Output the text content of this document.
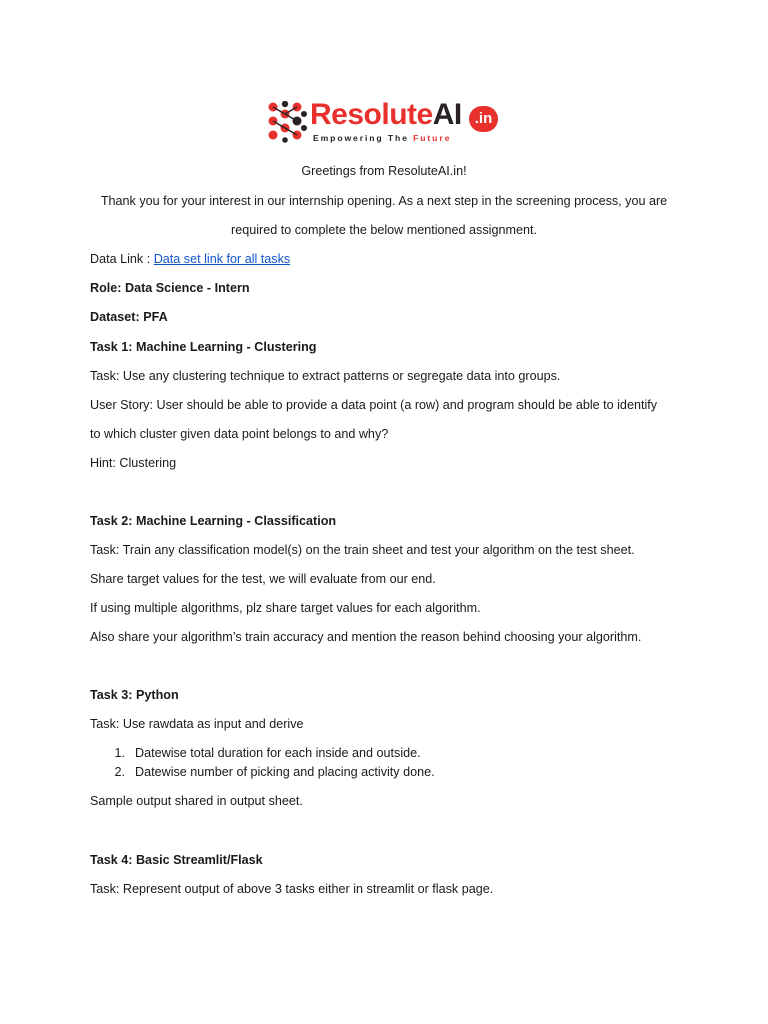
ResoluteAI .in
Empowering The Future
Greetings from ResoluteAI.in!
Thank you for your interest in our internship opening. As a next step in the screening process, you are
required to complete the below mentioned assignment.
Data Link : Data set link for all tasks
Role: Data Science - Intern
Dataset: PFA
Task 1: Machine Learning - Clustering
Task: Use any clustering technique to extract patterns or segregate data into groups.
User Story: User should be able to provide a data point (a row) and program should be able to identify
to which cluster given data point belongs to and why?
Hint: Clustering
Task 2: Machine Learning - Classification
Task: Train any classification model(s) on the train sheet and test your algorithm on the test sheet.
Share target values for the test, we will evaluate from our end.
If using multiple algorithms, plz share target values for each algorithm.
Also share your algorithm’s train accuracy and mention the reason behind choosing your algorithm.
Task 3: Python
Task: Use rawdata as input and derive
1. Datewise total duration for each inside and outside.
2. Datewise number of picking and placing activity done.
Sample output shared in output sheet.
Task 4: Basic Streamlit/Flask
Task: Represent output of above 3 tasks either in streamlit or flask page.
